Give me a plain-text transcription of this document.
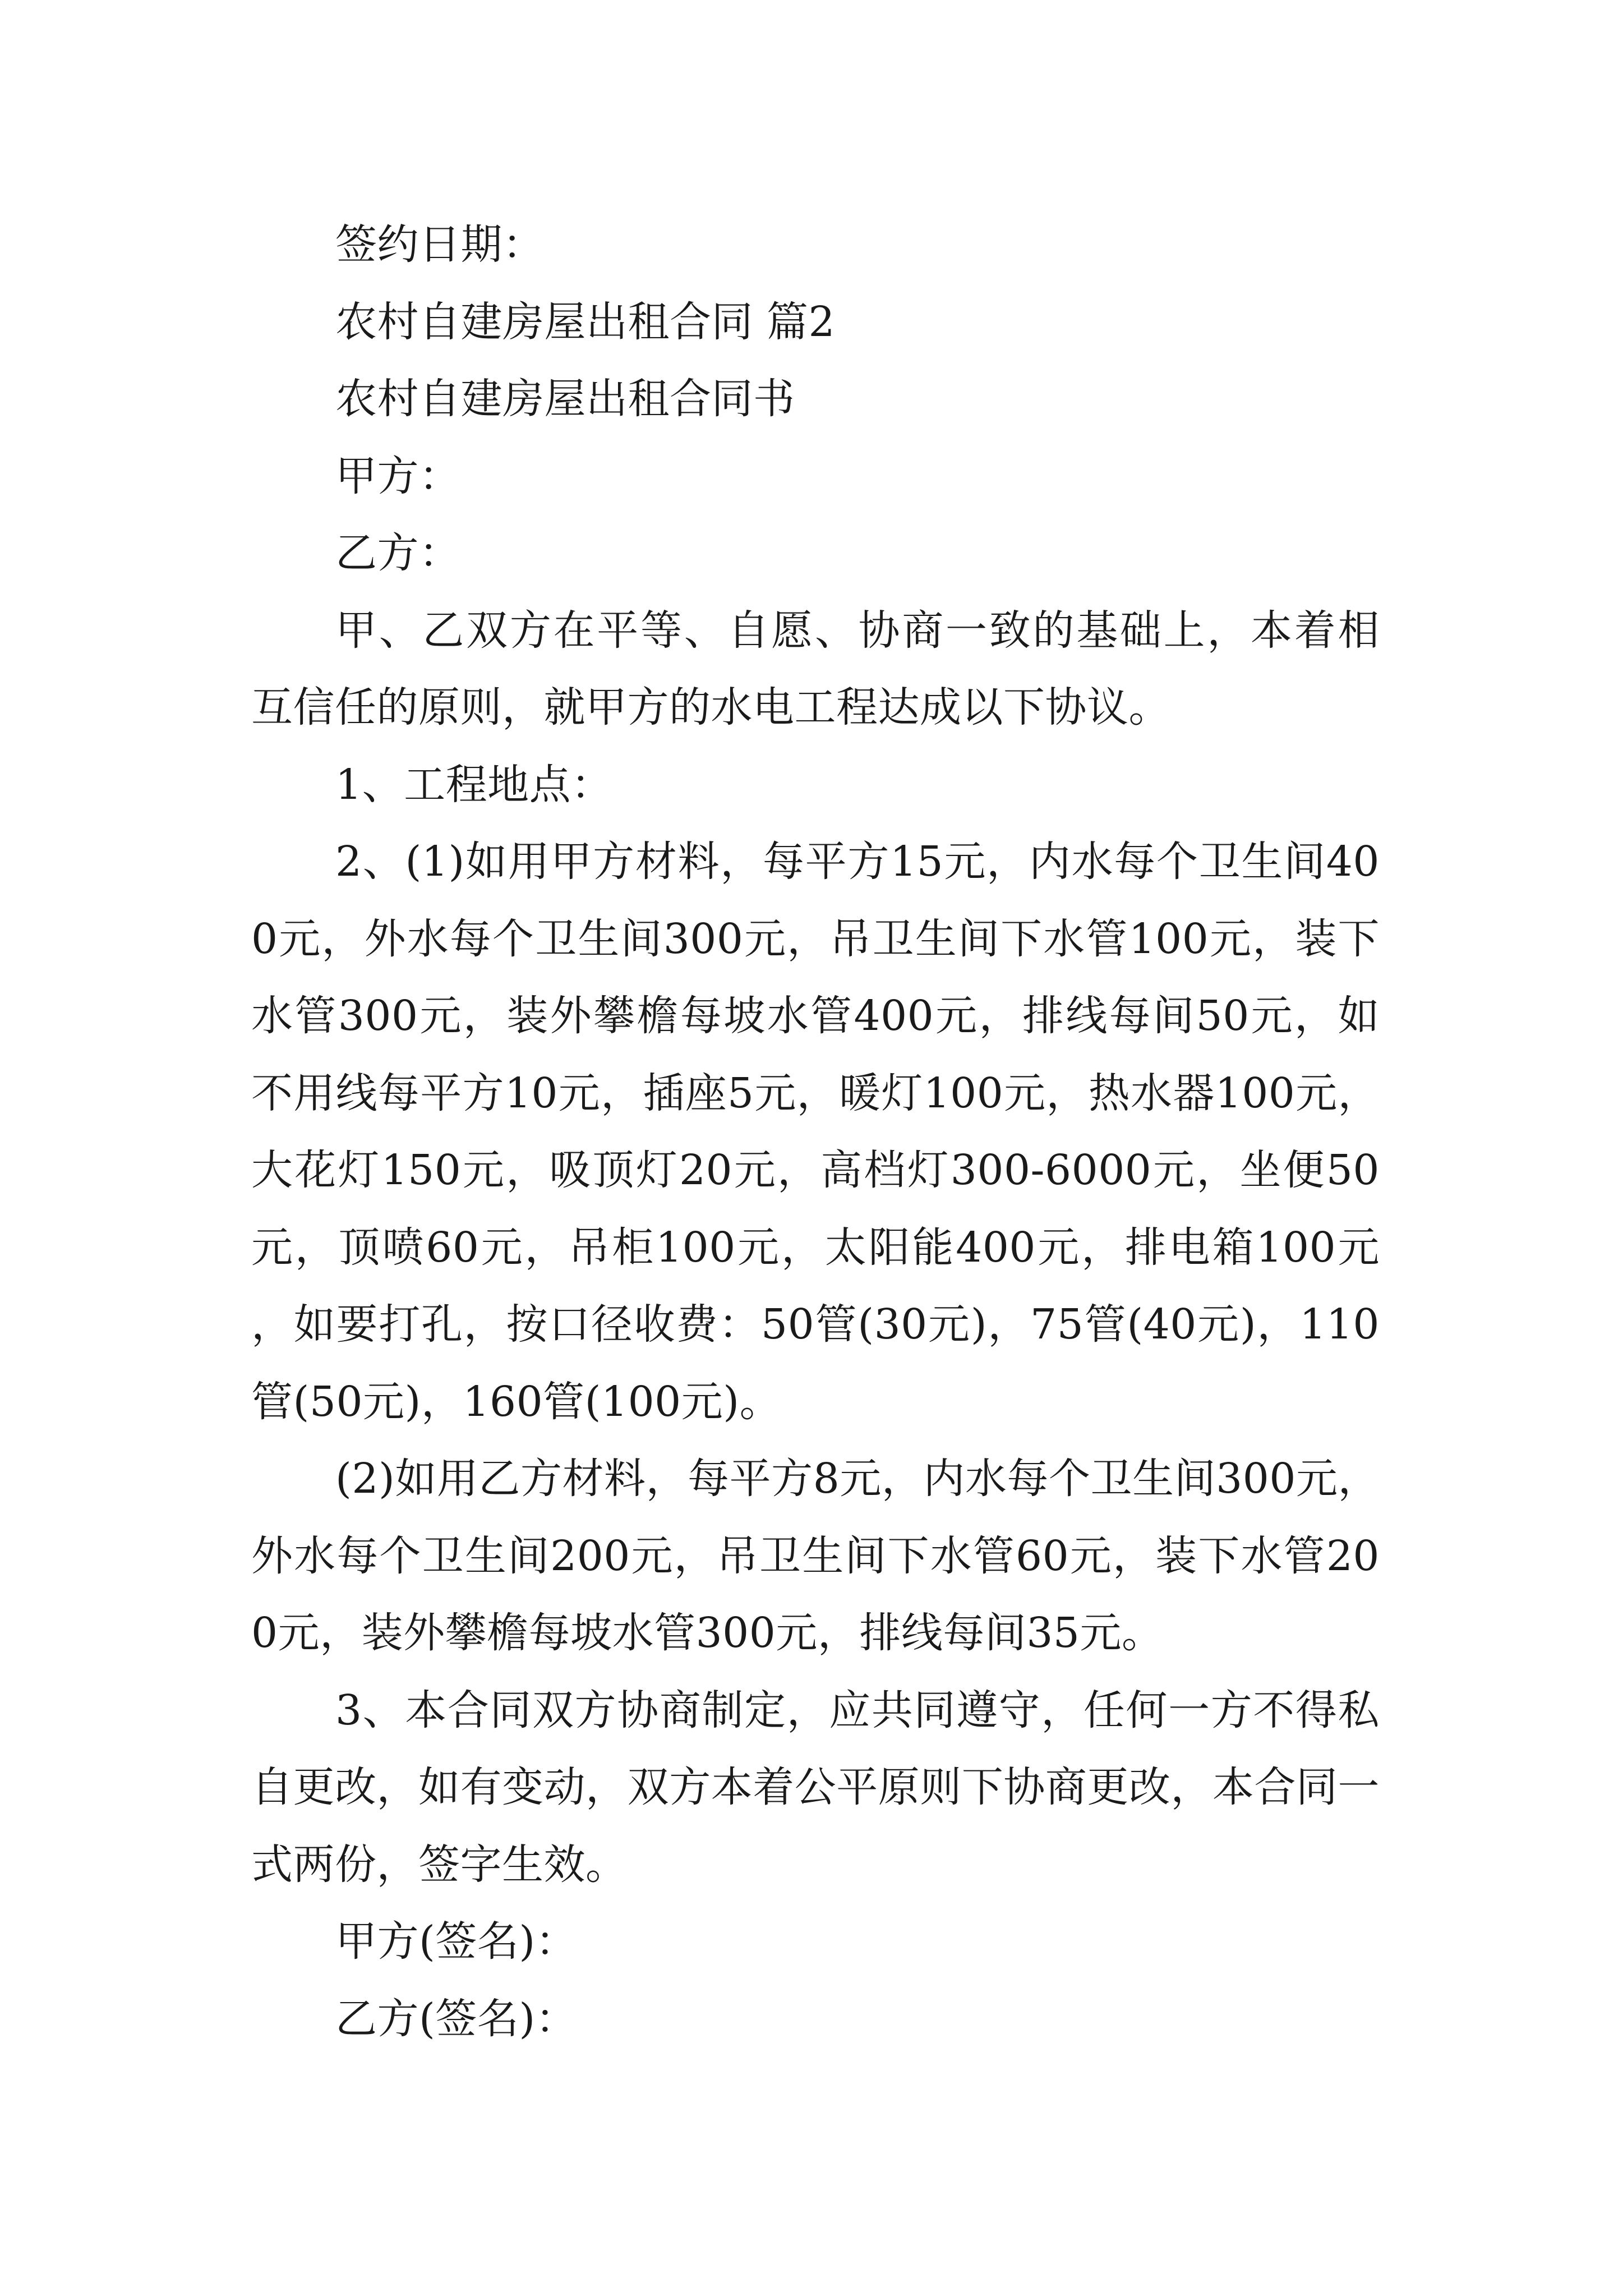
签约日期：

农村自建房屋出租合同 篇2

农村自建房屋出租合同书

甲方：

乙方：

甲、乙双方在平等、自愿、协商一致的基础上，本着相互信任的原则，就甲方的水电工程达成以下协议。

1、工程地点：

2、(1)如用甲方材料，每平方15元，内水每个卫生间400元，外水每个卫生间300元，吊卫生间下水管100元，装下水管300元，装外攀檐每坡水管400元，排线每间50元，如不用线每平方10元，插座5元，暖灯100元，热水器100元，大花灯150元，吸顶灯20元，高档灯300-6000元，坐便50元，顶喷60元，吊柜100元，太阳能400元，排电箱100元，如要打孔，按口径收费：50管(30元)，75管(40元)，110管(50元)，160管(100元)。

(2)如用乙方材料，每平方8元，内水每个卫生间300元，外水每个卫生间200元，吊卫生间下水管60元，装下水管200元，装外攀檐每坡水管300元，排线每间35元。

3、本合同双方协商制定，应共同遵守，任何一方不得私自更改，如有变动，双方本着公平原则下协商更改，本合同一式两份，签字生效。

甲方(签名)：

乙方(签名)：
